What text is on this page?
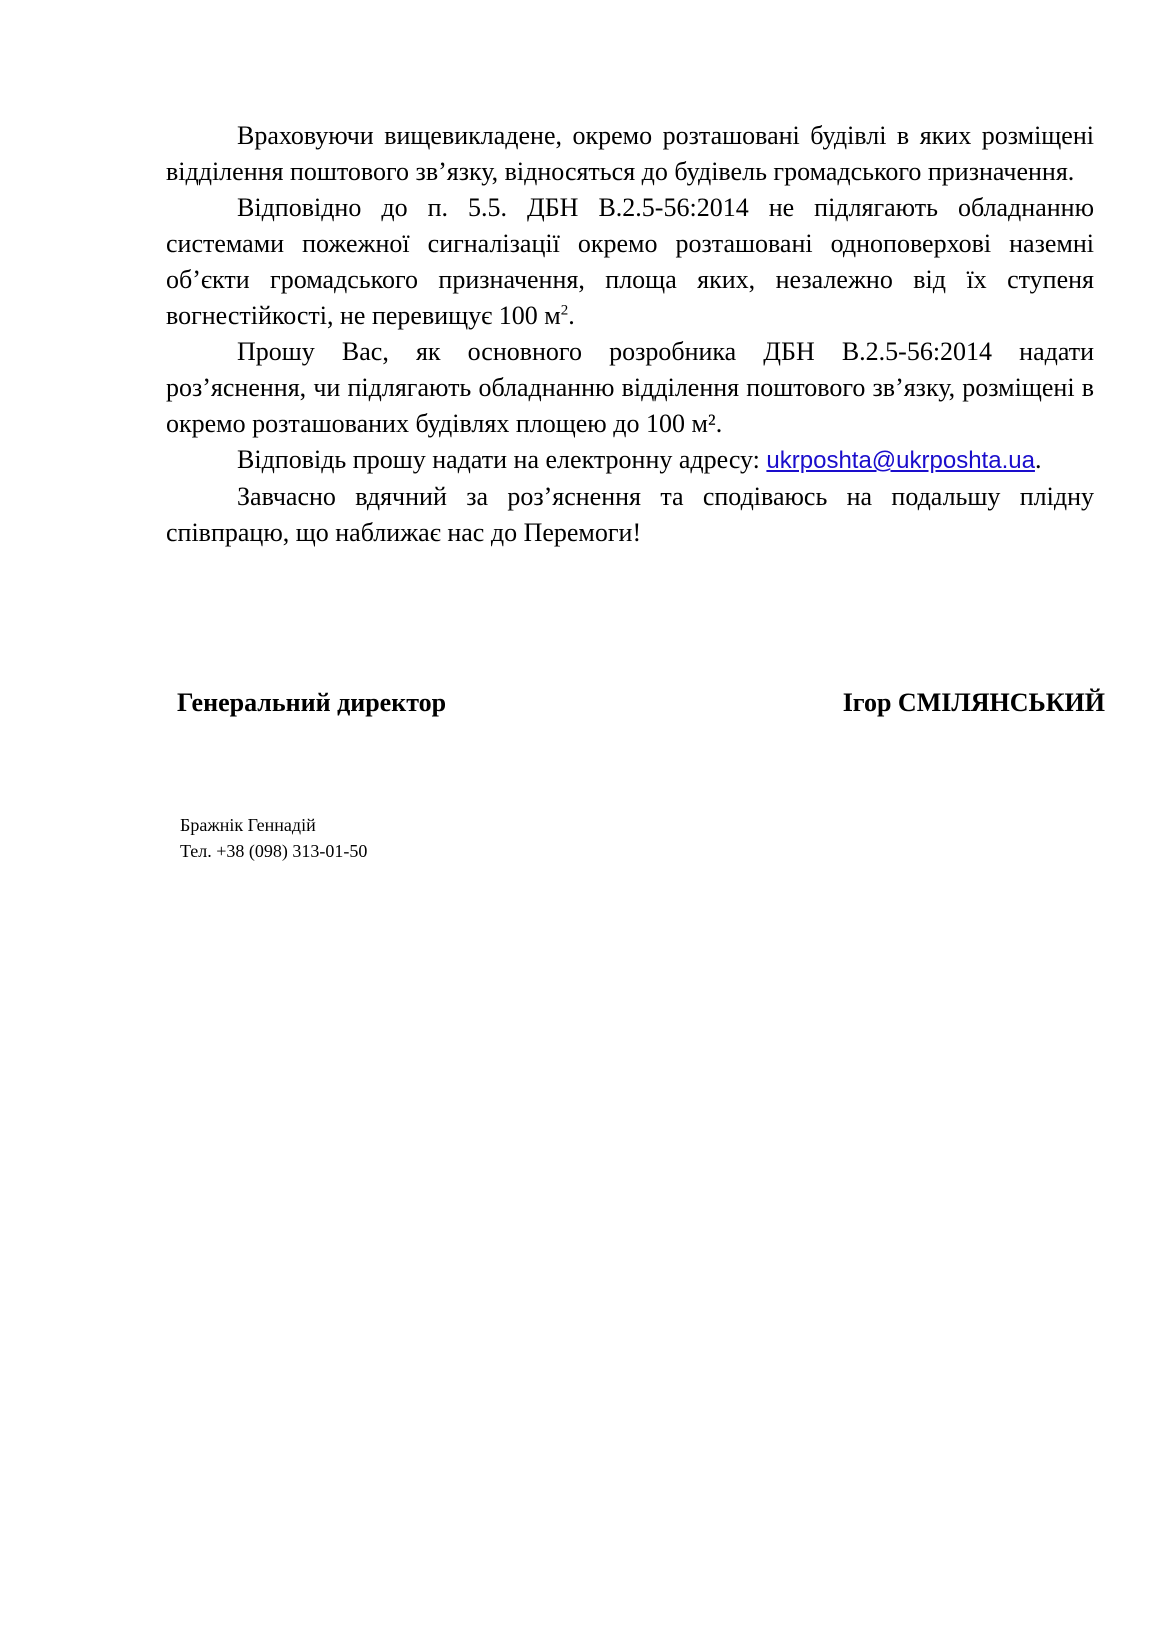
Враховуючи вищевикладене, окремо розташовані будівлі в яких розміщені відділення поштового зв’язку, відносяться до будівель громадського призначення.

Відповідно до п. 5.5. ДБН В.2.5-56:2014 не підлягають обладнанню системами пожежної сигналізації окремо розташовані одноповерхові наземні об’єкти громадського призначення, площа яких, незалежно від їх ступеня вогнестійкості, не перевищує 100 $м^2$.

Прошу Вас, як основного розробника ДБН В.2.5-56:2014 надати роз’яснення, чи підлягають обладнанню відділення поштового зв’язку, розміщені в окремо розташованих будівлях площею до 100 м².

Відповідь прошу надати на електронну адресу: ukrposhta@ukrposhta.ua.

Завчасно вдячний за роз’яснення та сподіваюсь на подальшу плідну співпрацю, що наближає нас до Перемоги!

Генеральний директор	Ігор СМІЛЯНСЬКИЙ
Бражнік Геннадій
Тел. +38 (098) 313-01-50
